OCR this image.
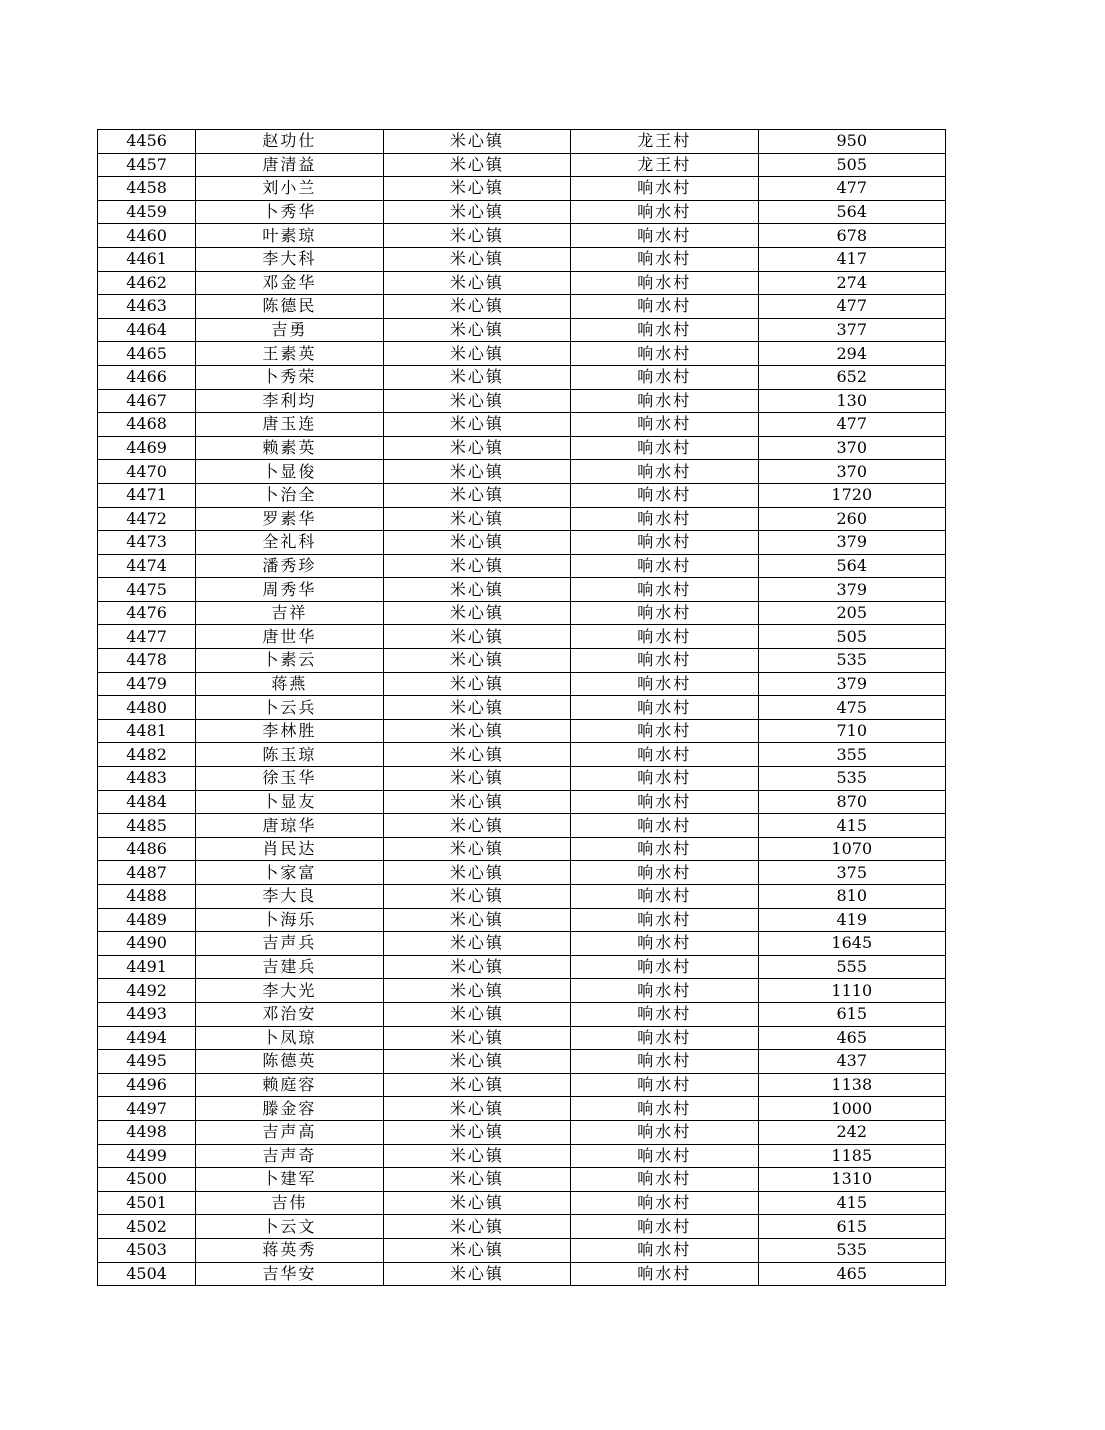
4456	赵功仕	米心镇	龙王村	950
4457	唐清益	米心镇	龙王村	505
4458	刘小兰	米心镇	响水村	477
4459	卜秀华	米心镇	响水村	564
4460	叶素琼	米心镇	响水村	678
4461	李大科	米心镇	响水村	417
4462	邓金华	米心镇	响水村	274
4463	陈德民	米心镇	响水村	477
4464	吉勇	米心镇	响水村	377
4465	王素英	米心镇	响水村	294
4466	卜秀荣	米心镇	响水村	652
4467	李利均	米心镇	响水村	130
4468	唐玉连	米心镇	响水村	477
4469	赖素英	米心镇	响水村	370
4470	卜显俊	米心镇	响水村	370
4471	卜治全	米心镇	响水村	1720
4472	罗素华	米心镇	响水村	260
4473	全礼科	米心镇	响水村	379
4474	潘秀珍	米心镇	响水村	564
4475	周秀华	米心镇	响水村	379
4476	吉祥	米心镇	响水村	205
4477	唐世华	米心镇	响水村	505
4478	卜素云	米心镇	响水村	535
4479	蒋燕	米心镇	响水村	379
4480	卜云兵	米心镇	响水村	475
4481	李林胜	米心镇	响水村	710
4482	陈玉琼	米心镇	响水村	355
4483	徐玉华	米心镇	响水村	535
4484	卜显友	米心镇	响水村	870
4485	唐琼华	米心镇	响水村	415
4486	肖民达	米心镇	响水村	1070
4487	卜家富	米心镇	响水村	375
4488	李大良	米心镇	响水村	810
4489	卜海乐	米心镇	响水村	419
4490	吉声兵	米心镇	响水村	1645
4491	吉建兵	米心镇	响水村	555
4492	李大光	米心镇	响水村	1110
4493	邓治安	米心镇	响水村	615
4494	卜凤琼	米心镇	响水村	465
4495	陈德英	米心镇	响水村	437
4496	赖庭容	米心镇	响水村	1138
4497	滕金容	米心镇	响水村	1000
4498	吉声高	米心镇	响水村	242
4499	吉声奇	米心镇	响水村	1185
4500	卜建军	米心镇	响水村	1310
4501	吉伟	米心镇	响水村	415
4502	卜云文	米心镇	响水村	615
4503	蒋英秀	米心镇	响水村	535
4504	吉华安	米心镇	响水村	465
